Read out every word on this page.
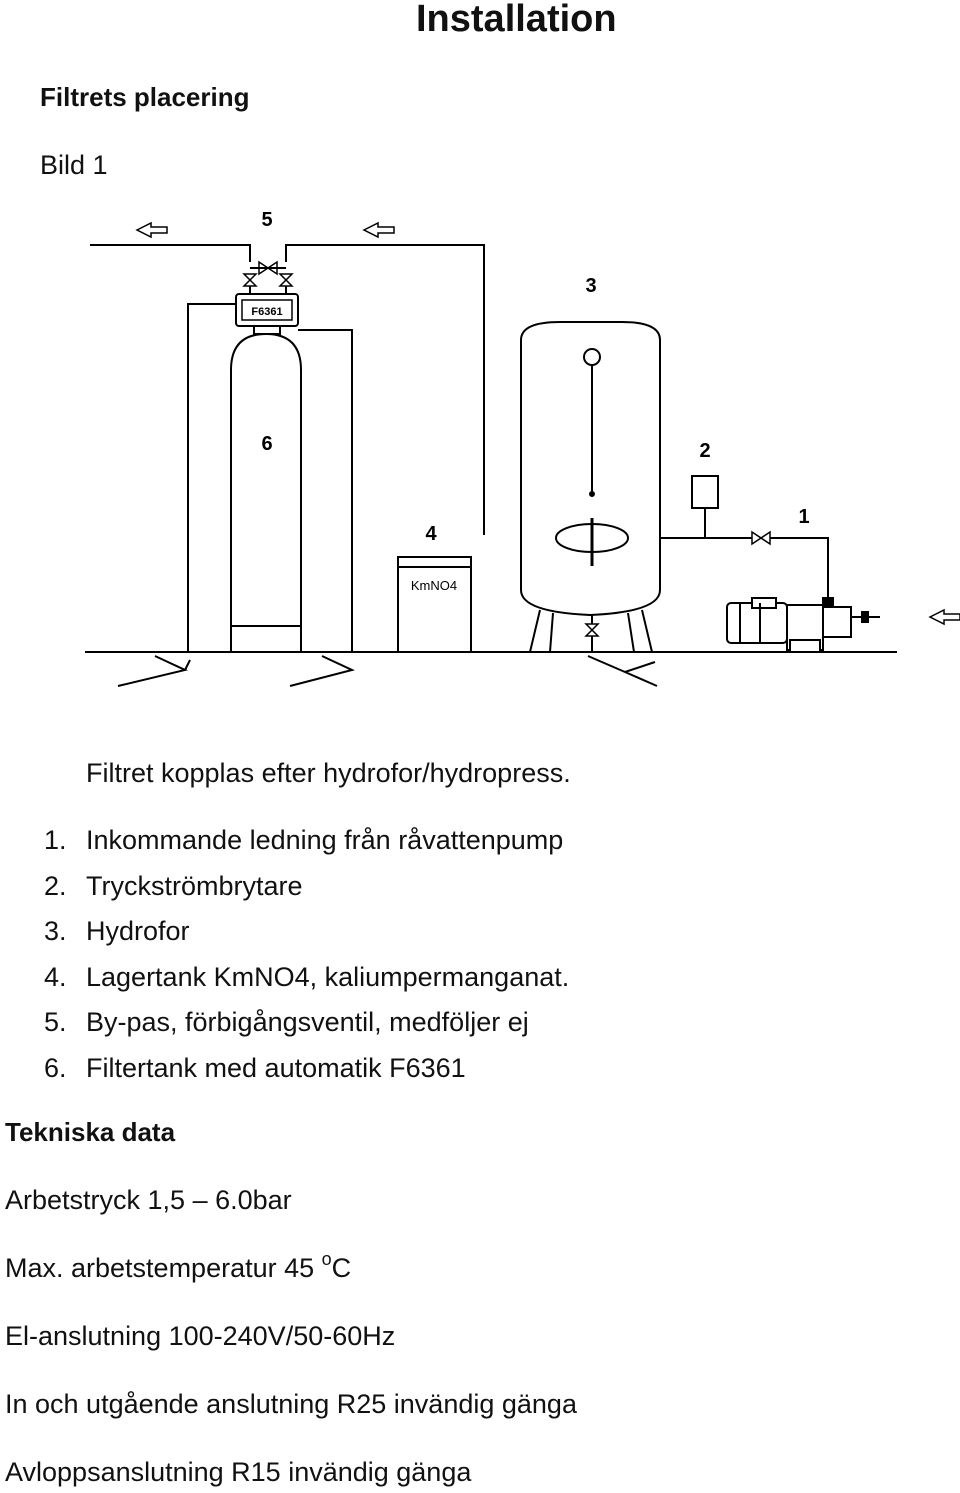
Installation
Filtrets placering
Bild 1
F6361
KmNO4
5
3
6	2
4
1
Filtret kopplas efter hydrofor/hydropress.
1. Inkommande ledning från råvattenpump
2. Tryckströmbrytare
3. Hydrofor
4. Lagertank KmNO4, kaliumpermanganat.
5. By-pas, förbigångsventil, medföljer ej
6. Filtertank med automatik F6361
Tekniska data
Arbetstryck 1,5 – 6.0bar
Max. arbetstemperatur 45 $^o$C
El-anslutning 100-240V/50-60Hz
In och utgående anslutning R25 invändig gänga
Avloppsanslutning R15 invändig gänga
